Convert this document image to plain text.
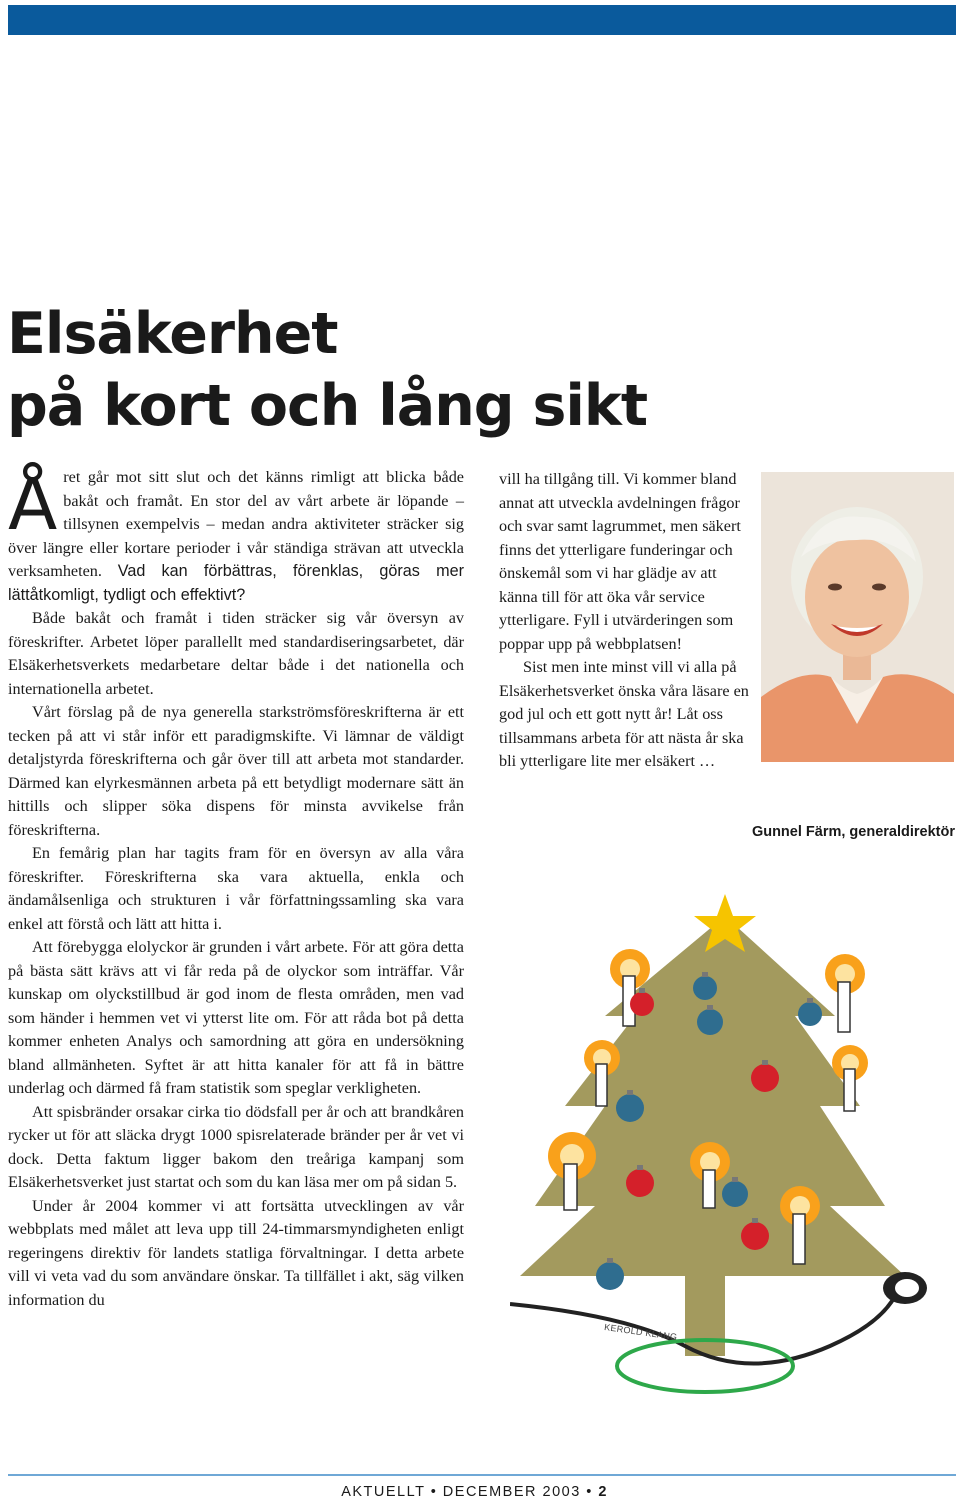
Elsäkerhet
på kort och lång sikt

Året går mot sitt slut och det känns rimligt att blicka både bakåt och framåt. En stor del av vårt arbete är löpande – tillsynen exempelvis – medan andra aktiviteter sträcker sig över längre eller kortare perioder i vår ständiga strävan att utveckla verksamheten. Vad kan förbättras, förenklas, göras mer lättåtkomligt, tydligt och effektivt?

Både bakåt och framåt i tiden sträcker sig vår översyn av föreskrifter. Arbetet löper parallellt med standardiseringsarbetet, där Elsäkerhetsverkets medarbetare deltar både i det nationella och internationella arbetet.

Vårt förslag på de nya generella starkströmsföreskrifterna är ett tecken på att vi står inför ett paradigmskifte. Vi lämnar de väldigt detaljstyrda föreskrifterna och går över till att arbeta mot standarder. Därmed kan elyrkesmännen arbeta på ett betydligt modernare sätt än hittills och slipper söka dispens för minsta avvikelse från föreskrifterna.

En femårig plan har tagits fram för en översyn av alla våra föreskrifter. Föreskrifterna ska vara aktuella, enkla och ändamålsenliga och strukturen i vår författningssamling ska vara enkel att förstå och lätt att hitta i.

Att förebygga elolyckor är grunden i vårt arbete. För att göra detta på bästa sätt krävs att vi får reda på de olyckor som inträffar. Vår kunskap om olyckstillbud är god inom de flesta områden, men vad som händer i hemmen vet vi ytterst lite om. För att råda bot på detta kommer enheten Analys och samordning att göra en undersökning bland allmänheten. Syftet är att hitta kanaler för att få in bättre underlag och därmed få fram statistik som speglar verkligheten.

Att spisbränder orsakar cirka tio dödsfall per år och att brandkåren rycker ut för att släcka drygt 1000 spisrelaterade bränder per år vet vi dock. Detta faktum ligger bakom den treåriga kampanj som Elsäkerhetsverket just startat och som du kan läsa mer om på sidan 5.

Under år 2004 kommer vi att fortsätta utvecklingen av vår webbplats med målet att leva upp till 24-timmarsmyndigheten enligt regeringens direktiv för landets statliga förvaltningar. I detta arbete vill vi veta vad du som användare önskar. Ta tillfället i akt, säg vilken information du

vill ha tillgång till. Vi kommer bland annat att utveckla avdelningen frågor och svar samt lagrummet, men säkert finns det ytterligare funderingar och önskemål som vi har glädje av att känna till för att öka vår service ytterligare. Fyll i utvärderingen som poppar upp på webbplatsen!

Sist men inte minst vill vi alla på Elsäkerhetsverket önska våra läsare en god jul och ett gott nytt år! Låt oss tillsammans arbeta för att nästa år ska bli ytterligare lite mer elsäkert …

Gunnel Färm, generaldirektör
KEROLD KLANG
AKTUELLT • DECEMBER 2003 • 2
